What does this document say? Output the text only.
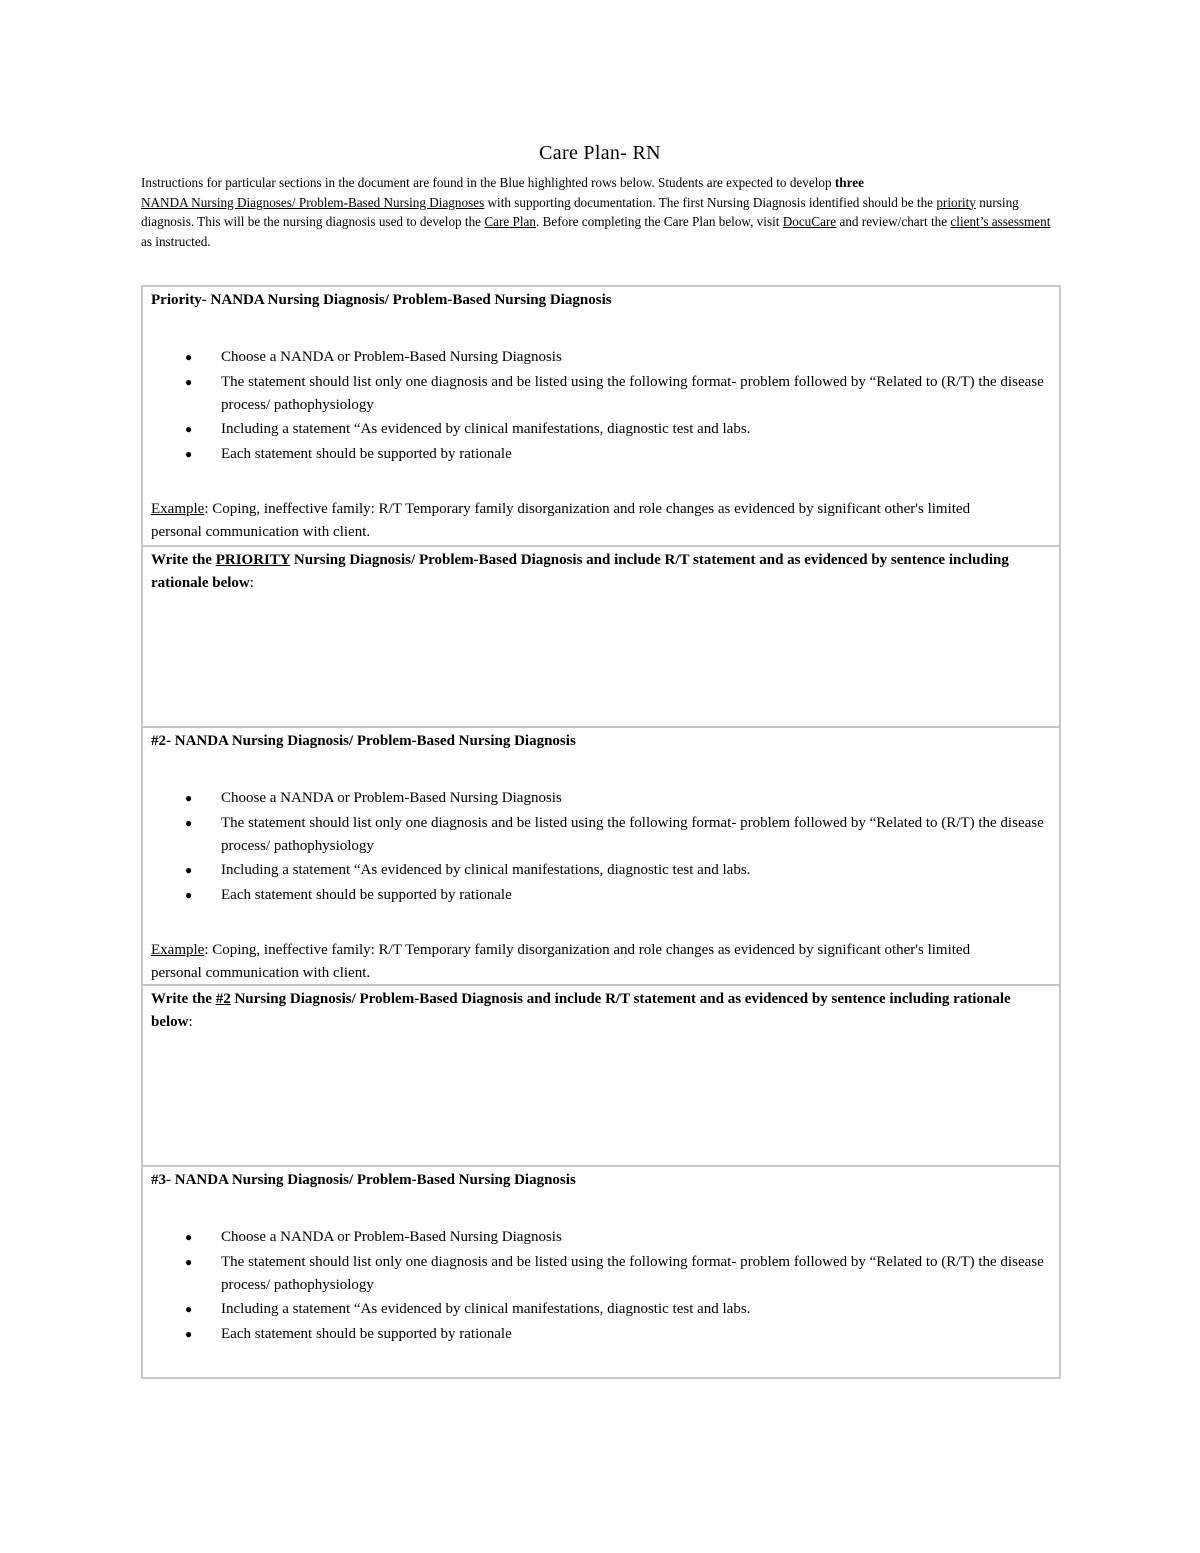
Care Plan- RN
Instructions for particular sections in the document are found in the Blue highlighted rows below. Students are expected to develop three
NANDA Nursing Diagnoses/ Problem-Based Nursing Diagnoses with supporting documentation. The first Nursing Diagnosis identified should be the priority nursing diagnosis. This will be the nursing diagnosis used to develop the Care Plan. Before completing the Care Plan below, visit DocuCare and review/chart the client’s assessment as instructed.
Priority- NANDA Nursing Diagnosis/ Problem-Based Nursing Diagnosis
● Choose a NANDA or Problem-Based Nursing Diagnosis
● The statement should list only one diagnosis and be listed using the following format- problem followed by “Related to (R/T) the disease process/ pathophysiology
● Including a statement “As evidenced by clinical manifestations, diagnostic test and labs.
● Each statement should be supported by rationale
Example: Coping, ineffective family: R/T Temporary family disorganization and role changes as evidenced by significant other's limited personal communication with client.
Write the PRIORITY Nursing Diagnosis/ Problem-Based Diagnosis and include R/T statement and as evidenced by sentence including rationale below:
#2- NANDA Nursing Diagnosis/ Problem-Based Nursing Diagnosis
● Choose a NANDA or Problem-Based Nursing Diagnosis
● The statement should list only one diagnosis and be listed using the following format- problem followed by “Related to (R/T) the disease process/ pathophysiology
● Including a statement “As evidenced by clinical manifestations, diagnostic test and labs.
● Each statement should be supported by rationale
Example: Coping, ineffective family: R/T Temporary family disorganization and role changes as evidenced by significant other's limited personal communication with client.
Write the #2 Nursing Diagnosis/ Problem-Based Diagnosis and include R/T statement and as evidenced by sentence including rationale below:
#3- NANDA Nursing Diagnosis/ Problem-Based Nursing Diagnosis
● Choose a NANDA or Problem-Based Nursing Diagnosis
● The statement should list only one diagnosis and be listed using the following format- problem followed by “Related to (R/T) the disease process/ pathophysiology
● Including a statement “As evidenced by clinical manifestations, diagnostic test and labs.
● Each statement should be supported by rationale
